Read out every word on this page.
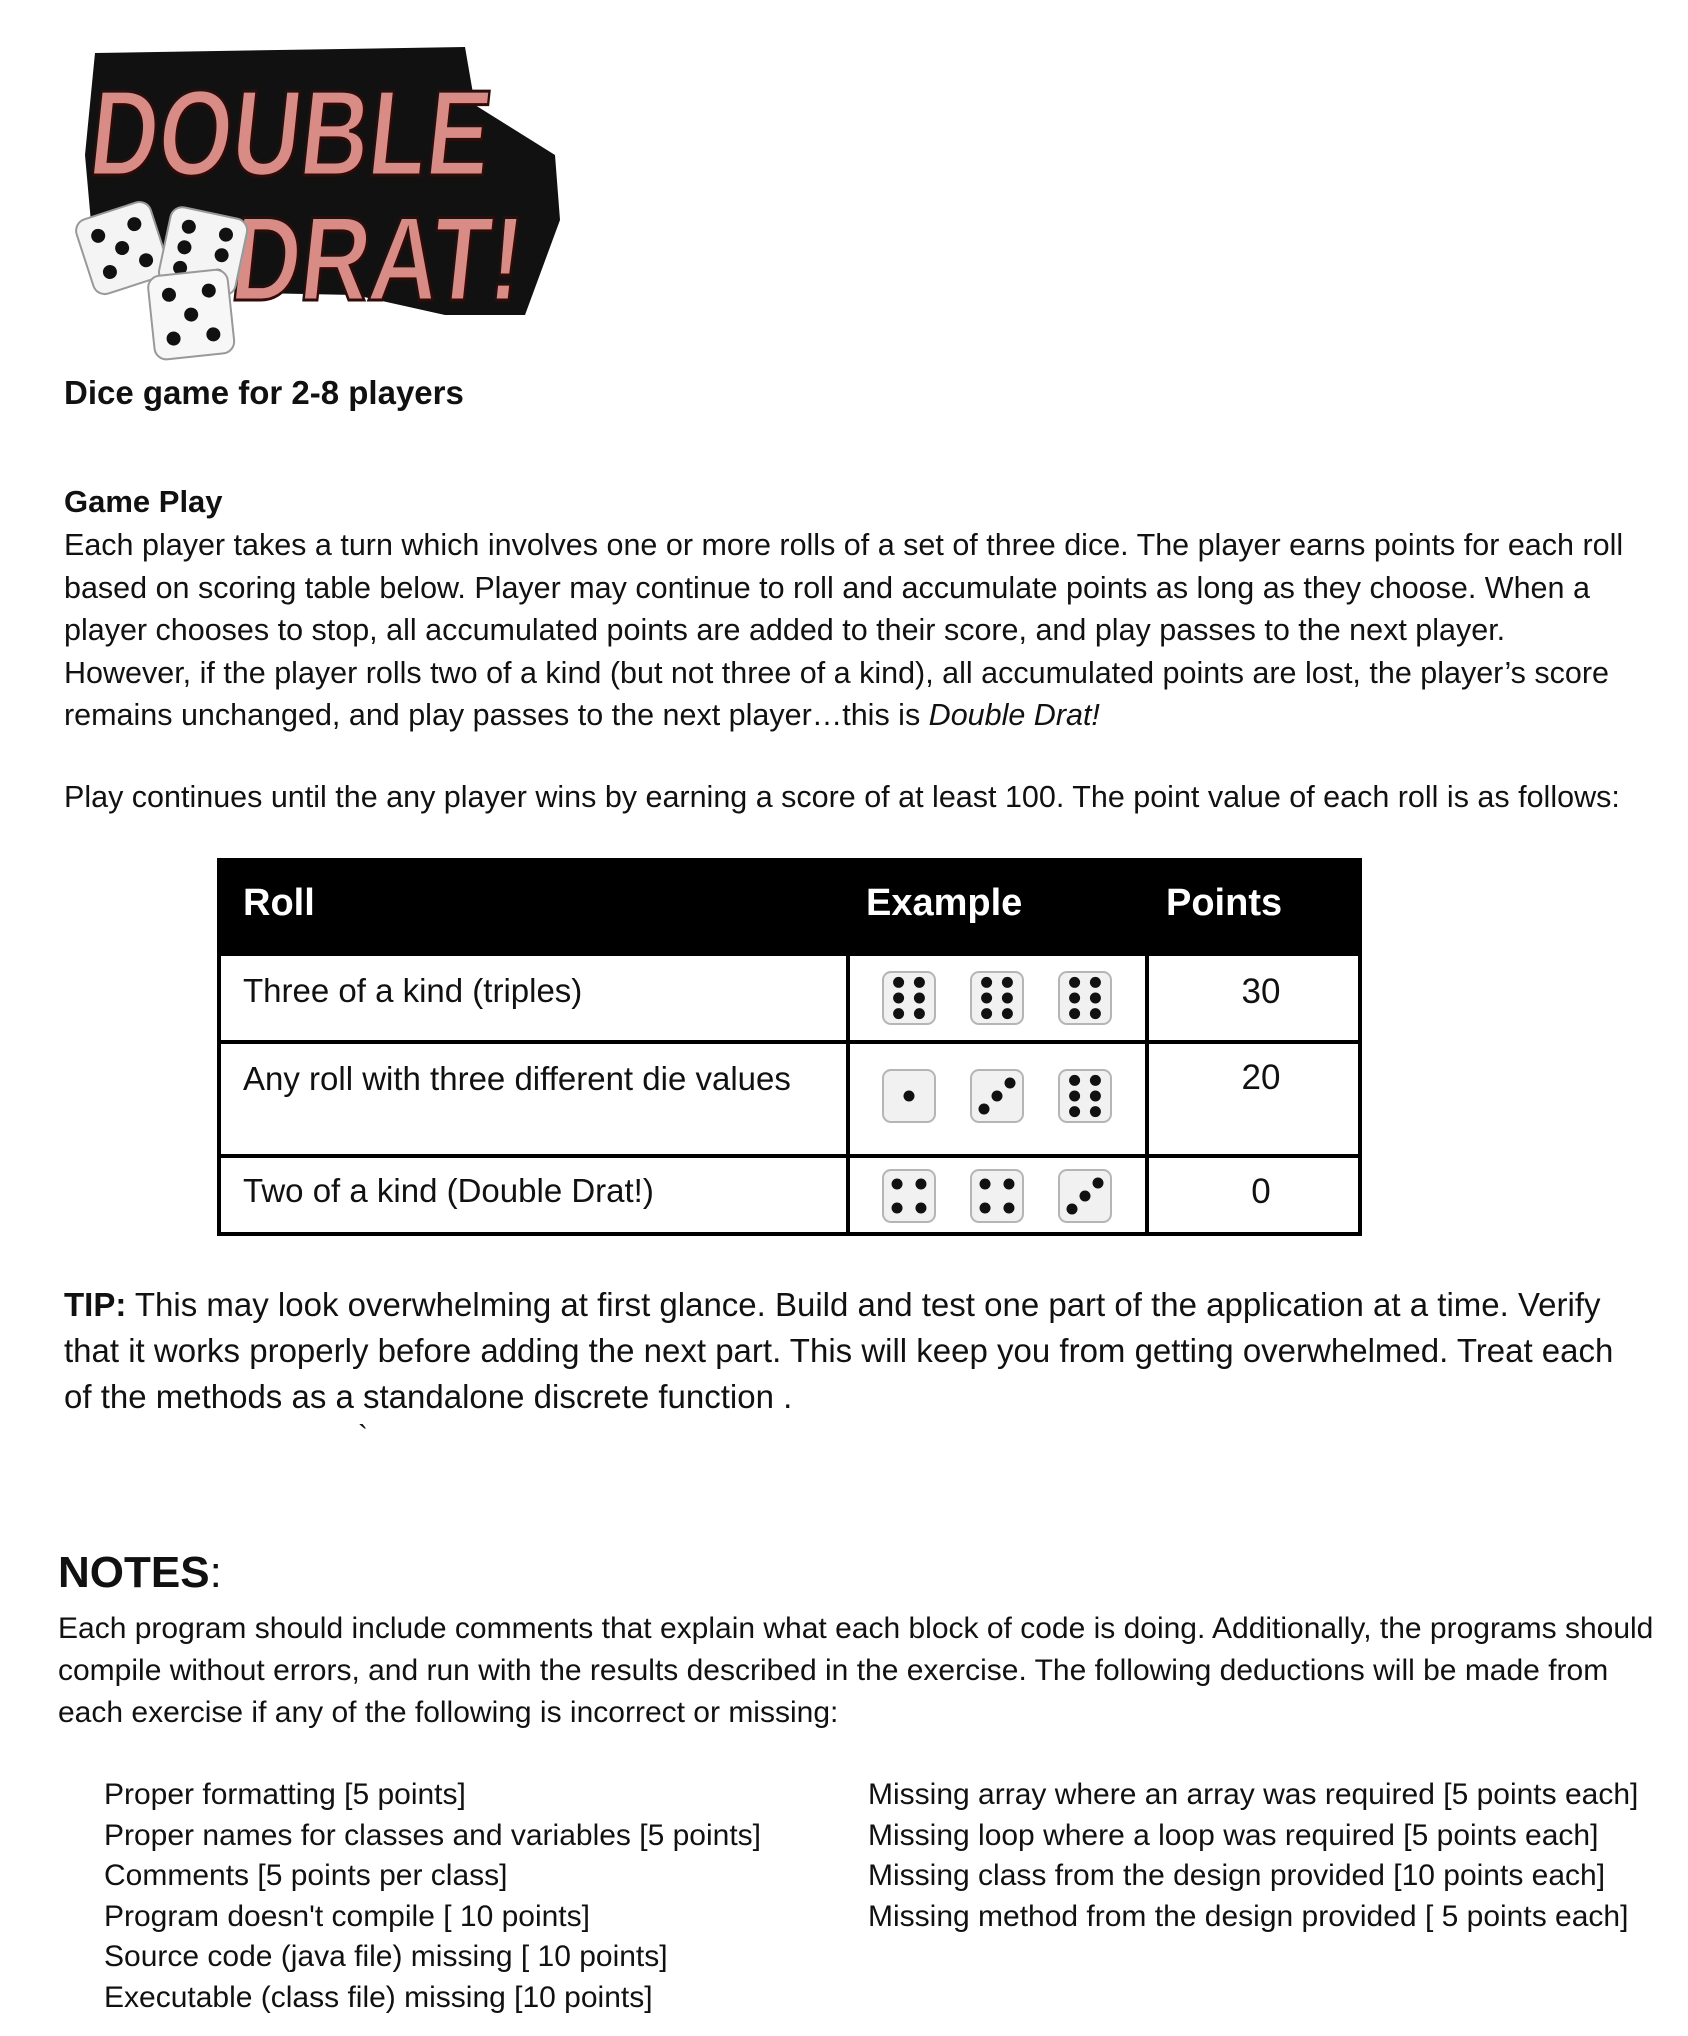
DOUBLE
DRAT!
Dice game for 2-8 players
Game Play
Each player takes a turn which involves one or more rolls of a set of three dice. The player earns points for each roll based on scoring table below. Player may continue to roll and accumulate points as long as they choose. When a player chooses to stop, all accumulated points are added to their score, and play passes to the next player. However, if the player rolls two of a kind (but not three of a kind), all accumulated points are lost, the player’s score remains unchanged, and play passes to the next player…this is Double Drat!
Play continues until the any player wins by earning a score of at least 100. The point value of each roll is as follows:
Roll	Example	Points
Three of a kind (triples)	30
Any roll with three different die values	20
Two of a kind (Double Drat!)	0
TIP: This may look overwhelming at first glance. Build and test one part of the application at a time. Verify that it works properly before adding the next part. This will keep you from getting overwhelmed. Treat each of the methods as a standalone discrete function .
`
NOTES:
Each program should include comments that explain what each block of code is doing. Additionally, the programs should compile without errors, and run with the results described in the exercise. The following deductions will be made from each exercise if any of the following is incorrect or missing:
Proper formatting [5 points]
Proper names for classes and variables [5 points]
Comments [5 points per class]
Program doesn't compile [ 10 points]
Source code (java file) missing [ 10 points]
Executable (class file) missing [10 points]
Missing array where an array was required [5 points each]
Missing loop where a loop was required [5 points each]
Missing class from the design provided [10 points each]
Missing method from the design provided [ 5 points each]
